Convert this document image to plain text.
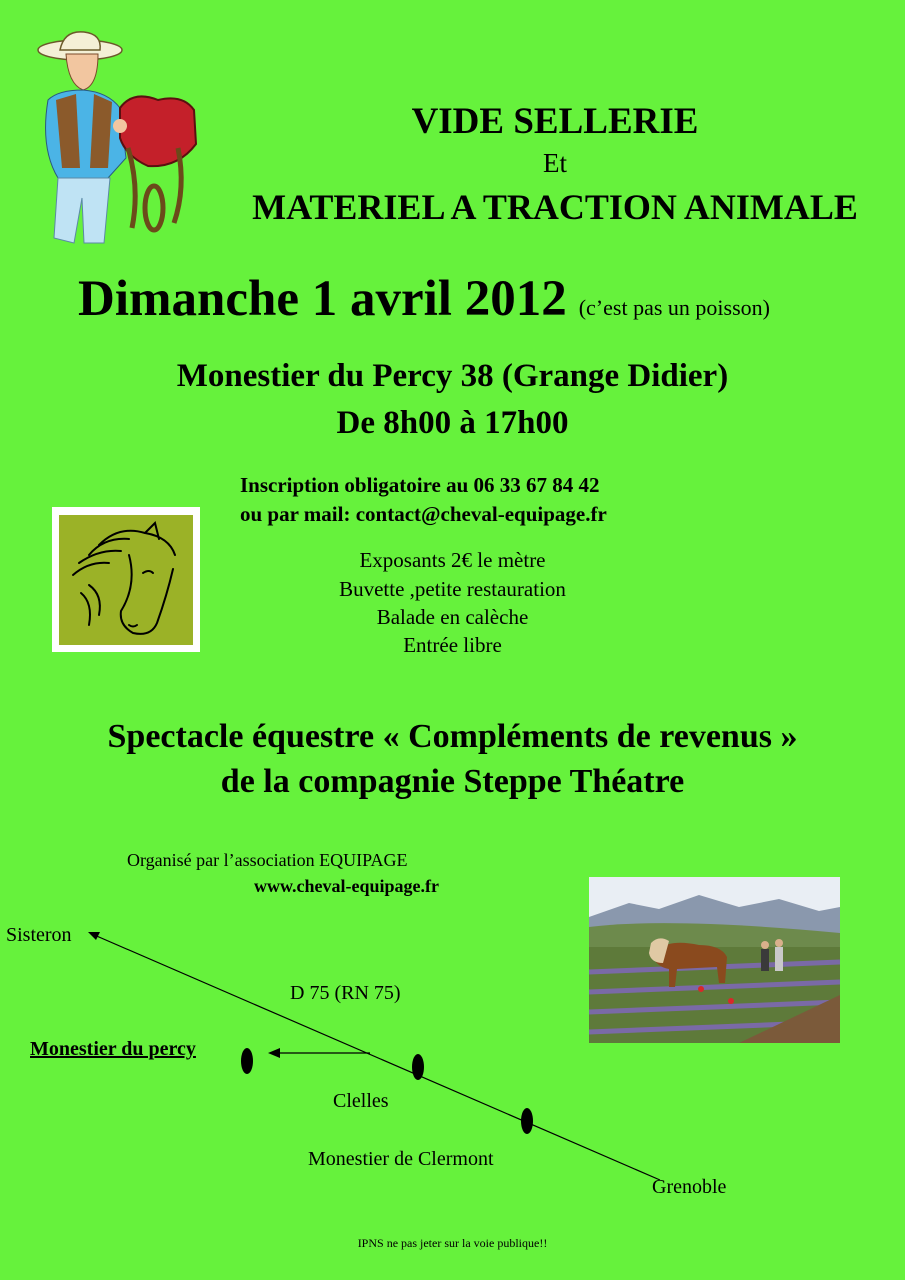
VIDE SELLERIE
Et
MATERIEL A TRACTION ANIMALE
Dimanche 1 avril 2012 (c’est pas un poisson)
Monestier du Percy 38 (Grange Didier)
De 8h00 à 17h00
Inscription obligatoire au 06 33 67 84 42
ou par mail: contact@cheval-equipage.fr
Exposants 2€ le mètre
Buvette ,petite restauration
Balade en calèche
Entrée libre
Spectacle équestre « Compléments de revenus »
de la compagnie Steppe Théatre
Organisé par l’association EQUIPAGE
www.cheval-equipage.fr
Sisteron
D 75 (RN 75)
Monestier du percy
Clelles
Monestier de Clermont
Grenoble
IPNS ne pas jeter sur la voie publique!!
